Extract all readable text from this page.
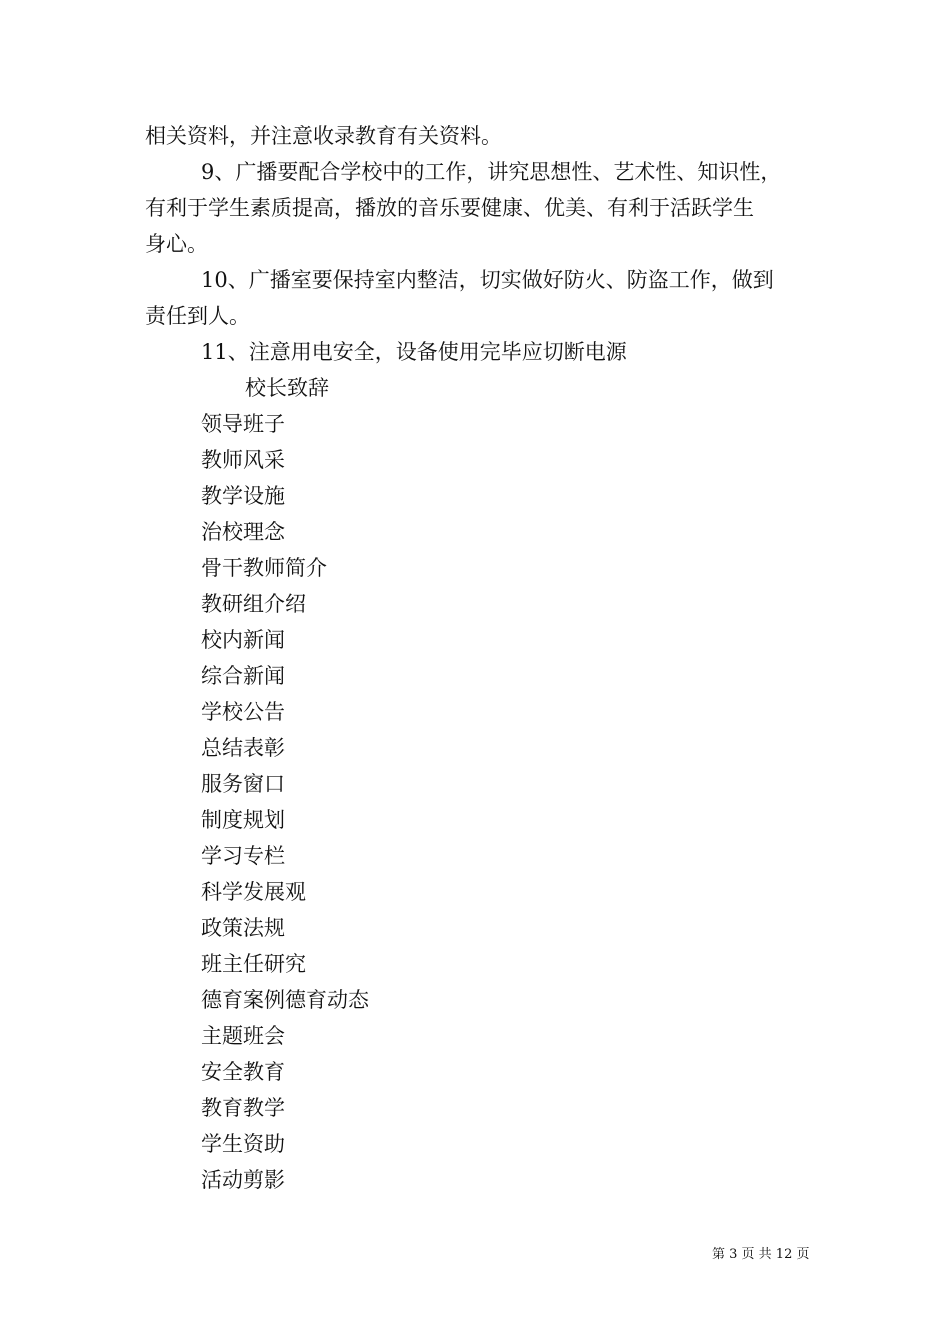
相关资料，并注意收录教育有关资料。
9、广播要配合学校中的工作，讲究思想性、艺术性、知识性，
有利于学生素质提高，播放的音乐要健康、优美、有利于活跃学生
身心。
10、广播室要保持室内整洁，切实做好防火、防盗工作，做到
责任到人。
11、注意用电安全，设备使用完毕应切断电源
校长致辞
领导班子
教师风采
教学设施
治校理念
骨干教师简介
教研组介绍
校内新闻
综合新闻
学校公告
总结表彰
服务窗口
制度规划
学习专栏
科学发展观
政策法规
班主任研究
德育案例德育动态
主题班会
安全教育
教育教学
学生资助
活动剪影
第 3 页 共 12 页
